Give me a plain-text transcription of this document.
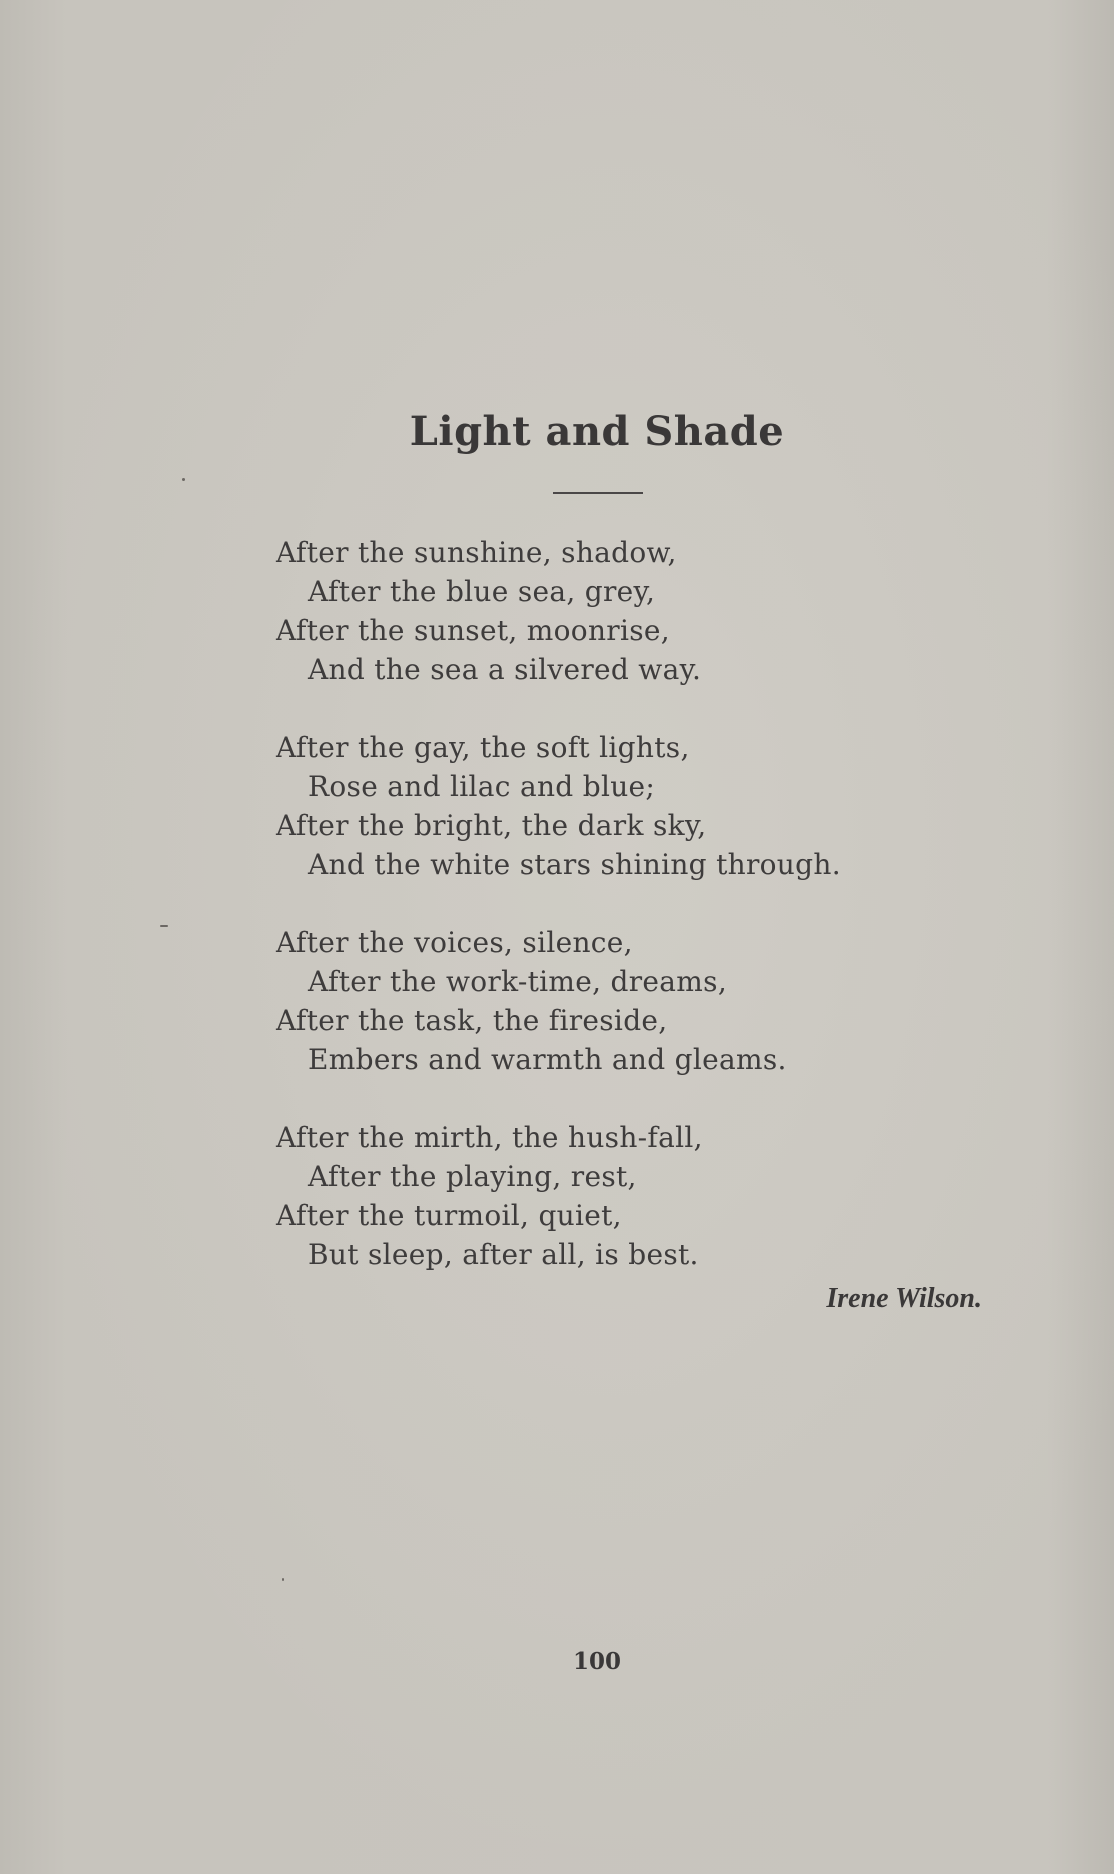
Light and Shade
After the sunshine, shadow,
After the blue sea, grey,
After the sunset, moonrise,
And the sea a silvered way.
After the gay, the soft lights,
Rose and lilac and blue;
After the bright, the dark sky,
And the white stars shining through.
After the voices, silence,
After the work-time, dreams,
After the task, the fireside,
Embers and warmth and gleams.
After the mirth, the hush-fall,
After the playing, rest,
After the turmoil, quiet,
But sleep, after all, is best.
Irene Wilson.
100
